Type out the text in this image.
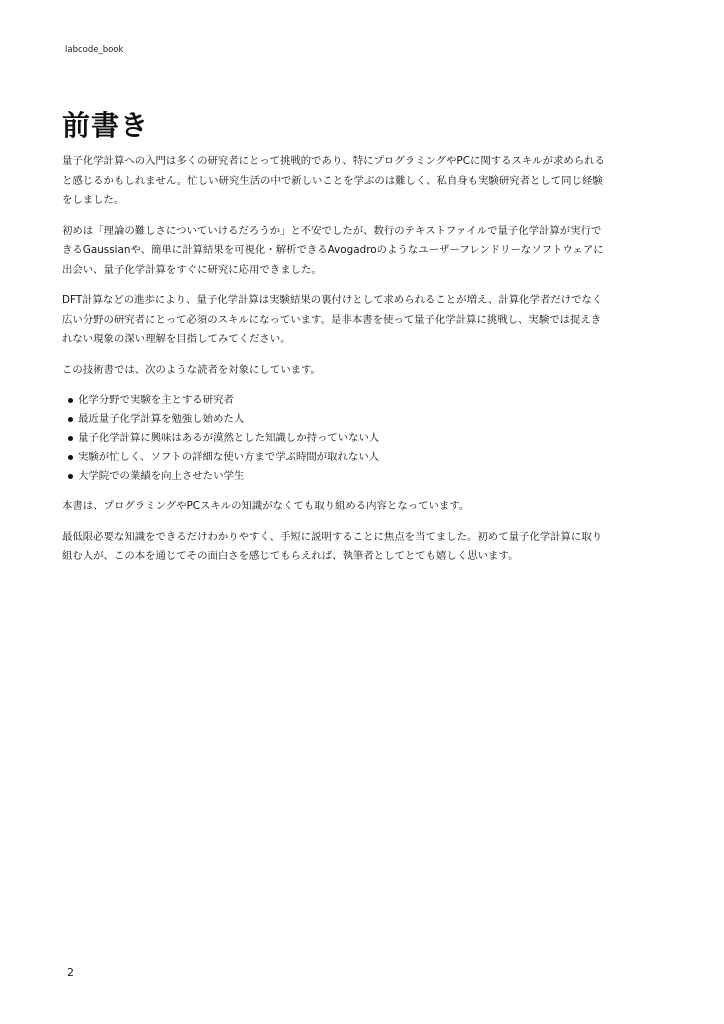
labcode_book
前書き

量子化学計算への入門は多くの研究者にとって挑戦的であり、特にプログラミングやPCに関するスキルが求められると感じるかもしれません。忙しい研究生活の中で新しいことを学ぶのは難しく、私自身も実験研究者として同じ経験をしました。

初めは「理論の難しさについていけるだろうか」と不安でしたが、数行のテキストファイルで量子化学計算が実行できるGaussianや、簡単に計算結果を可視化・解析できるAvogadroのようなユーザーフレンドリーなソフトウェアに出会い、量子化学計算をすぐに研究に応用できました。

DFT計算などの進歩により、量子化学計算は実験結果の裏付けとして求められることが増え、計算化学者だけでなく広い分野の研究者にとって必須のスキルになっています。是非本書を使って量子化学計算に挑戦し、実験では捉えきれない現象の深い理解を目指してみてください。

この技術書では、次のような読者を対象にしています。

化学分野で実験を主とする研究者
最近量子化学計算を勉強し始めた人
量子化学計算に興味はあるが漠然とした知識しか持っていない人
実験が忙しく、ソフトの詳細な使い方まで学ぶ時間が取れない人
大学院での業績を向上させたい学生

本書は、プログラミングやPCスキルの知識がなくても取り組める内容となっています。

最低限必要な知識をできるだけわかりやすく、手短に説明することに焦点を当てました。初めて量子化学計算に取り組む人が、この本を通じてその面白さを感じてもらえれば、執筆者としてとても嬉しく思います。

2
